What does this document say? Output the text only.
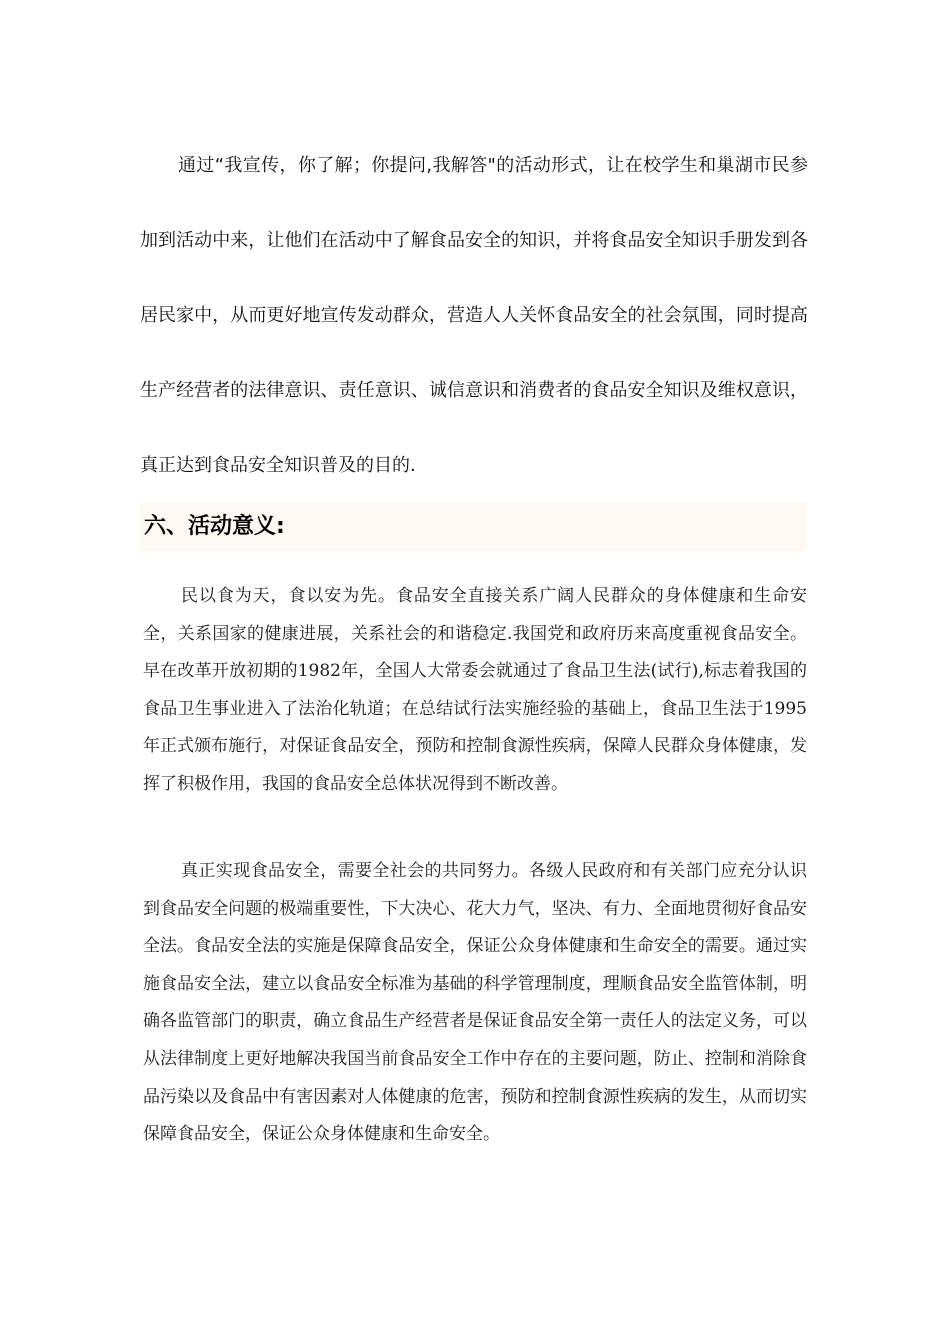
通过“我宣传，你了解；你提问,我解答"的活动形式，让在校学生和巢湖市民参加到活动中来，让他们在活动中了解食品安全的知识，并将食品安全知识手册发到各居民家中，从而更好地宣传发动群众，营造人人关怀食品安全的社会氛围，同时提高生产经营者的法律意识、责任意识、诚信意识和消费者的食品安全知识及维权意识，真正达到食品安全知识普及的目的.

六、活动意义:

民以食为天，食以安为先。食品安全直接关系广阔人民群众的身体健康和生命安全，关系国家的健康进展，关系社会的和谐稳定.我国党和政府历来高度重视食品安全。早在改革开放初期的1982年，全国人大常委会就通过了食品卫生法(试行),标志着我国的食品卫生事业进入了法治化轨道；在总结试行法实施经验的基础上，食品卫生法于1995年正式颁布施行，对保证食品安全，预防和控制食源性疾病，保障人民群众身体健康，发挥了积极作用，我国的食品安全总体状况得到不断改善。

真正实现食品安全，需要全社会的共同努力。各级人民政府和有关部门应充分认识到食品安全问题的极端重要性，下大决心、花大力气，坚决、有力、全面地贯彻好食品安全法。食品安全法的实施是保障食品安全，保证公众身体健康和生命安全的需要。通过实施食品安全法，建立以食品安全标准为基础的科学管理制度，理顺食品安全监管体制，明确各监管部门的职责，确立食品生产经营者是保证食品安全第一责任人的法定义务，可以从法律制度上更好地解决我国当前食品安全工作中存在的主要问题，防止、控制和消除食品污染以及食品中有害因素对人体健康的危害，预防和控制食源性疾病的发生，从而切实保障食品安全，保证公众身体健康和生命安全。
